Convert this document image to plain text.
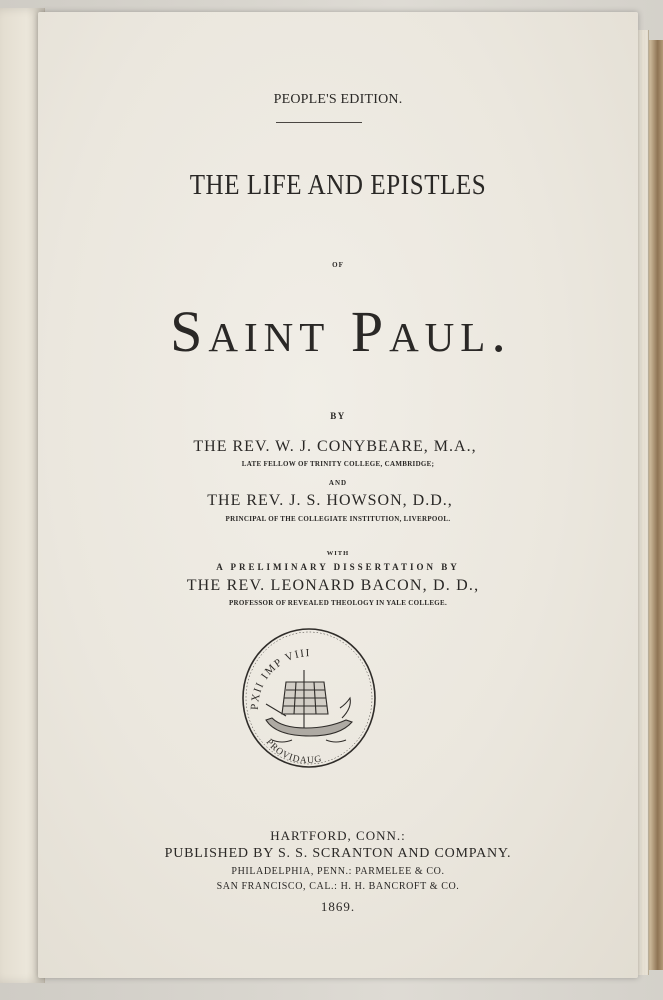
PEOPLE'S EDITION.
THE LIFE AND EPISTLES
OF
Saint Paul.
BY
THE REV. W. J. CONYBEARE, M.A.,
LATE FELLOW OF TRINITY COLLEGE, CAMBRIDGE;
AND
THE REV. J. S. HOWSON, D.D.,
PRINCIPAL OF THE COLLEGIATE INSTITUTION, LIVERPOOL.
WITH
A PRELIMINARY DISSERTATION BY
THE REV. LEONARD BACON, D. D.,
PROFESSOR OF REVEALED THEOLOGY IN YALE COLLEGE.
PXII IMP VIII
PROVIDAUG
HARTFORD, CONN.:
PUBLISHED BY S. S. SCRANTON AND COMPANY.
PHILADELPHIA, PENN.: PARMELEE & CO.
SAN FRANCISCO, CAL.: H. H. BANCROFT & CO.
1869.
